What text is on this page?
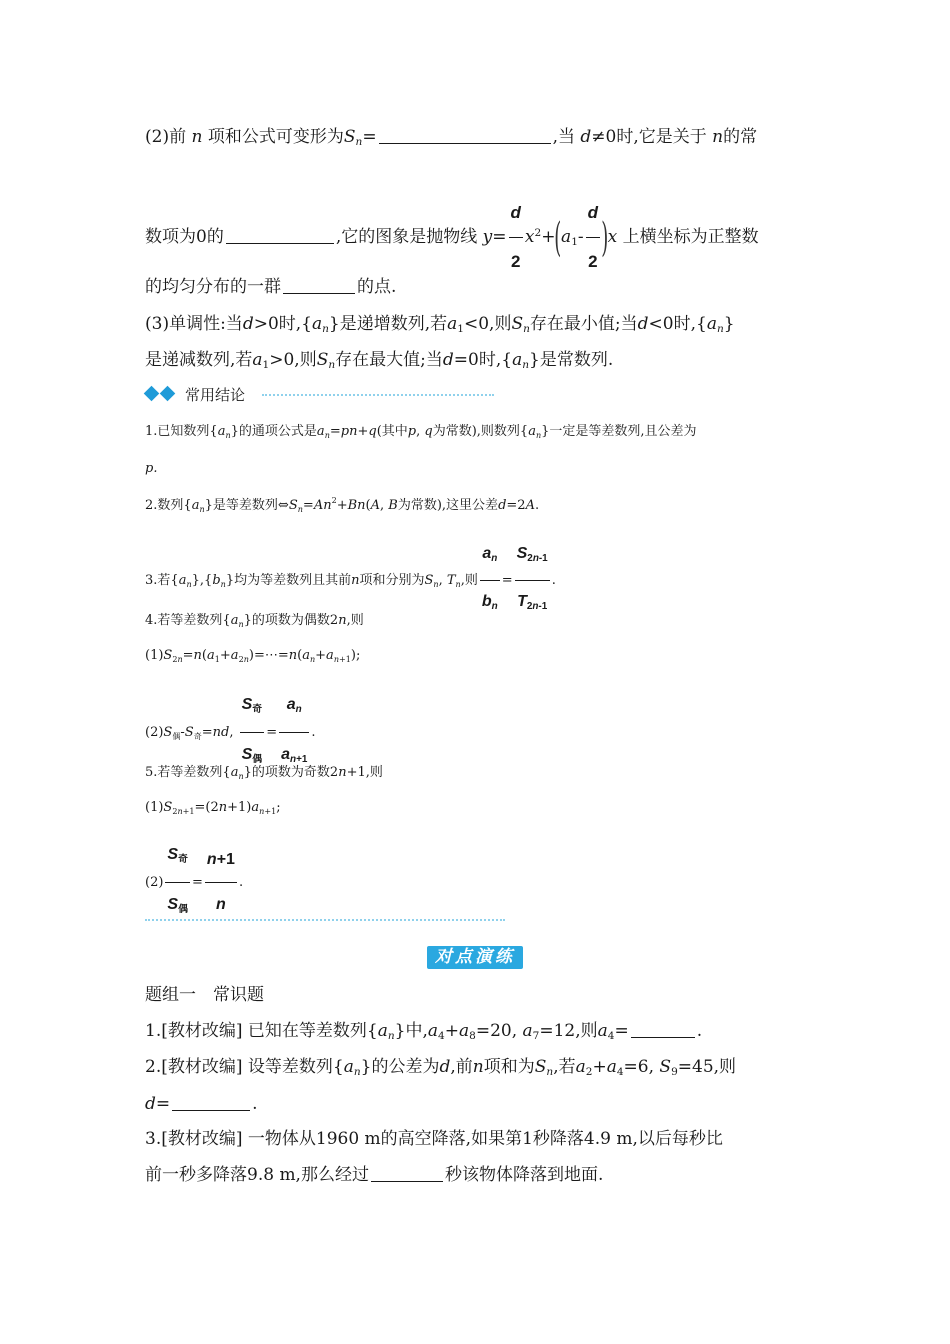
(2)前 n 项和公式可变形为$S_n=$	,当 d≠0时,它是关于 n的常
数项为0的	,它的图象是抛物线 $y= \frac{d}{2} x^2+(a_1- \frac{d}{2} )x$ 上横坐标为正整数
的均匀分布的一群	的点.
(3)单调性:当d>0时$,\{a_n\}$是递增数列,若$a_1<0$,则$S_n$存在最小值;当d<0时$,\{a_n\}$
是递减数列,若$a_1>0$,则$S_n$存在最大值;当d=0时$,\{a_n\}$是常数列.
常用结论
1.已知数列$\{a_n\}$的通项公式是$a_n=pn+q$(其中p, q为常数),则数列$\{a_n\}$一定是等差数列,且公差为
p.
2.数列$\{a_n\}$是等差数列$\Leftrightarrow S_n=An^2+Bn(A$, B为常数),这里公差d=2A.
3.若$\{a_n\},\{b_n\}$均为等差数列且其前n项和分别为$S_n$, $T_n$,则 $\frac{a_n}{b_n} = \frac{S_{2n-1}}{T_{2n-1}}$ .
4.若等差数列$\{a_n\}$的项数为偶数2n,则
$(1)S_{2n}=n(a_1+a_{2n})=\cdots=n(a_n+a_{n+1})$;
$(2)S_偶-S_奇=nd$, $\frac{S_奇}{S_偶} = \frac{a_n}{a_{n+1}}$ .
5.若等差数列$\{a_n\}$的项数为奇数2n+1,则
$(1)S_{2n+1}=(2n+1)a_{n+1}$;
$(2) \frac{S_奇}{S_偶} = \frac{n+1}{n}$ .
对点演练
题组一　常识题
1.[教材改编] 已知在等差数列$\{a_n\}$中$,a_4+a_8=20$, $a_7=12$,则$a_4=$	.
2.[教材改编] 设等差数列$\{a_n\}$的公差为d,前n项和为$S_n$,若$a_2+a_4=6$, $S_9=45$,则
d=	.
3.[教材改编] 一物体从1960 m的高空降落,如果第1秒降落4.9 m,以后每秒比
前一秒多降落9.8 m,那么经过	秒该物体降落到地面.
